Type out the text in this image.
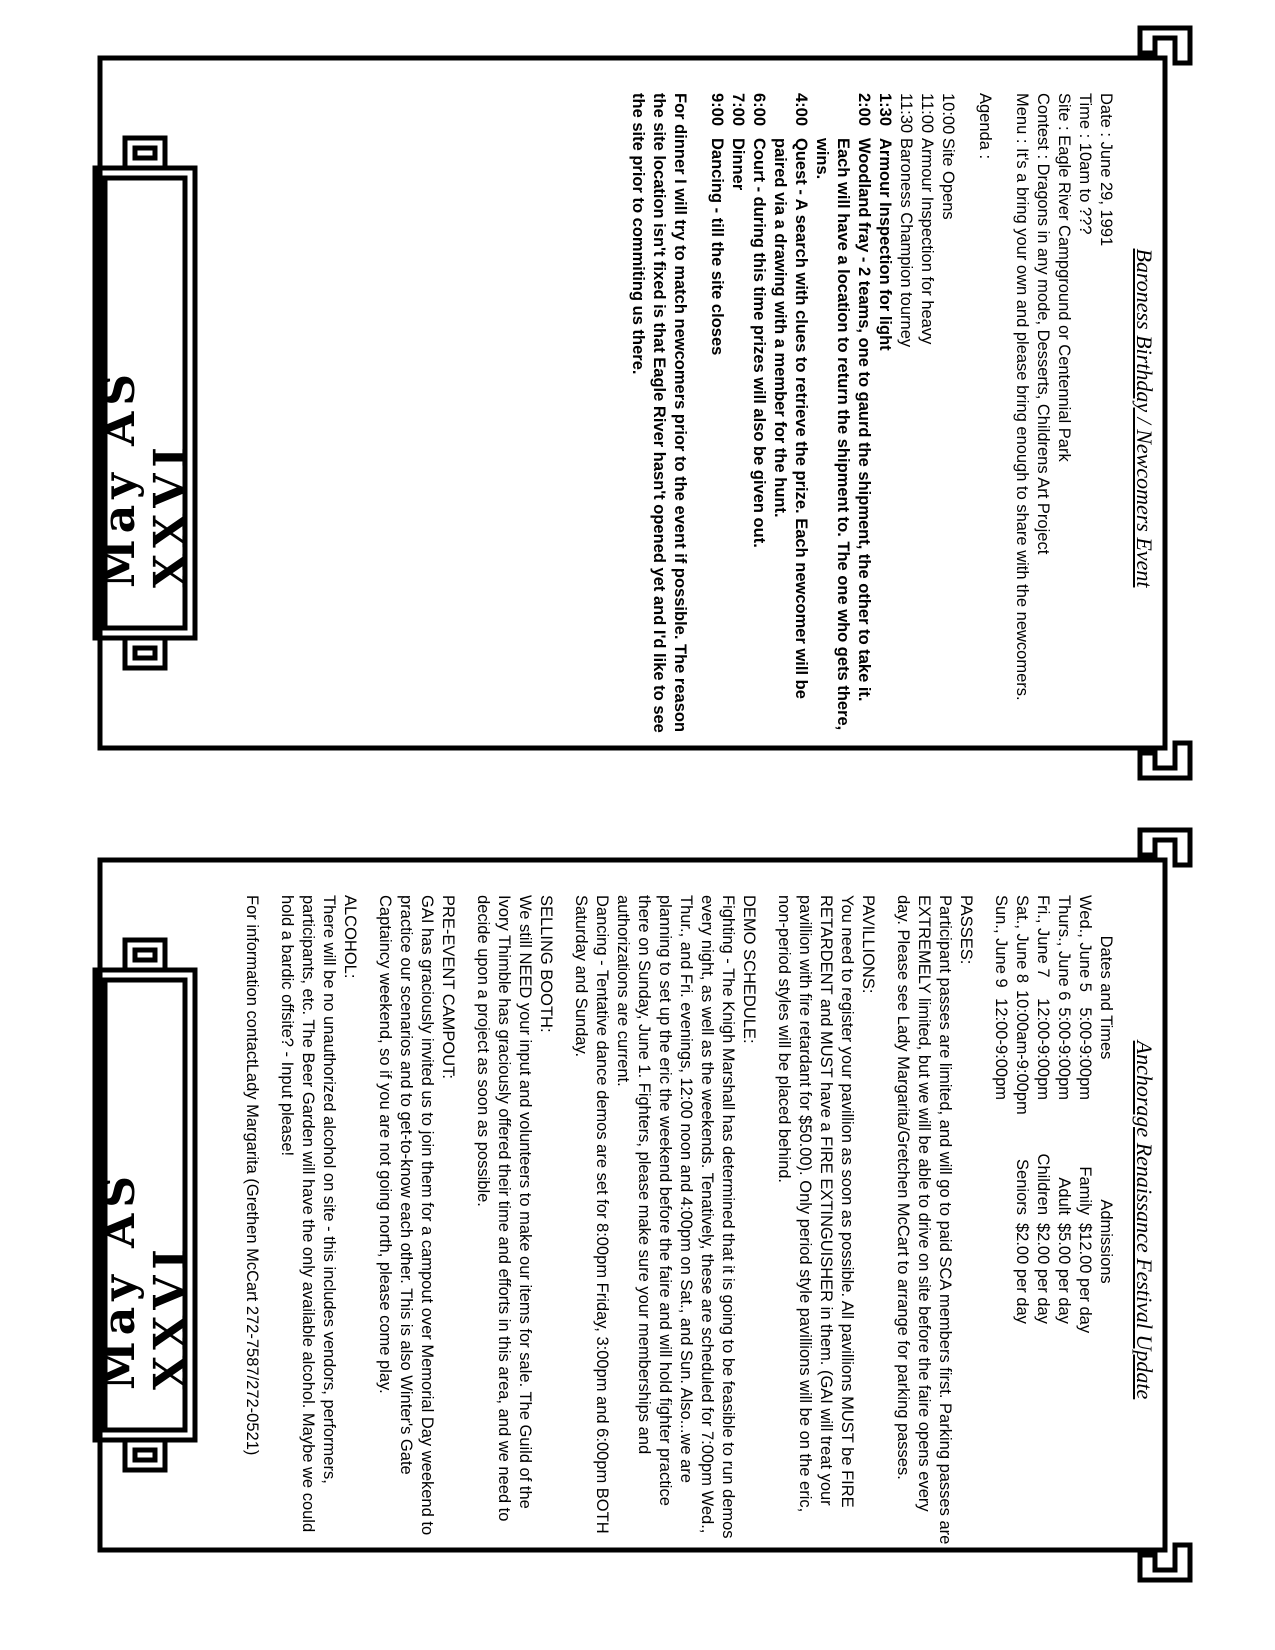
Baroness Birthday / Newcomers Event
Date : June 29, 1991
Time : 10am to ???
Site : Eagle River Campground or Centennial Park
Contest : Dragons in any mode, Desserts, Childrens Art Project
Menu : It's a bring your own and please bring enough to share with the newcomers.
Agenda :
10:00
Site Opens
11:00
Armour Inspection for heavy
11:30
Baroness Champion tourney
1:30
Armour Inspection for light
2:00
Woodland fray - 2 teams, one to gaurd the shipment, the other to take it. Each will have a location to return the shipment to. The one who gets there, wins.
4:00
Quest - A search with clues to retrieve the prize. Each newcomer will be paired via a drawing with a member for the hunt.
6:00
Court - during this time prizes will also be given out.
7:00
Dinner
9:00
Dancing - till the site closes
For dinner I will try to match newcomers prior to the event if possible. The reason the site location isn't fixed is that Eagle River hasn't opened yet and I'd like to see the site prior to commiting us there.
May AS XXVI
Anchorage Renaissance Festival Update
Dates and Times
Wed., June 5
5:00-9:00pm
Thurs., June 6
5:00-9:00pm
Fri., June 7
12:00-9:00pm
Sat., June 8
10:00am-9:00pm
Sun., June 9
12:00-9:00pm
Admissions
Family
$12.00 per day
Adult
$5.00 per day
Children
$2.00 per day
Seniors
$2.00 per day
PASSES:
Participant passes are limited, and will go to paid SCA members first. Parking passes are EXTREMELY limited, but we will be able to drive on site before the faire opens every day. Please see Lady Margarita/Gretchen McCart to arrange for parking passes.
PAVILLIONS:
You need to register your pavillion as soon as possible. All pavillions MUST be FIRE RETARDENT and MUST have a FIRE EXTINGUISHER in them. (GAI will treat your pavillion with fire retardant for $50.00). Only period style pavillions will be on the eric, non-period styles will be placed behind.
DEMO SCHEDULE:
Fighting - The Knigh Marshall has determined that it is going to be feasible to run demos every night, as well as the weekends. Tenatively, these are scheduled for 7:00pm Wed., Thur., and Fri. evenings, 12:00 noon and 4:00pm on Sat., and Sun. Also...we are planning to set up the eric the weekend before the faire and will hold fighter practice there on Sunday, June 1. Fighters, please make sure your memberships and authorizations are current.
Dancing - Tentative dance demos are set for 8:00pm Friday, 3:00pm and 6:00pm BOTH Saturday and Sunday.
SELLING BOOTH:
We still NEED your input and volunteers to make our items for sale. The Guild of the Ivory Thimble has graciously offered their time and efforts in this area, and we need to decide upon a project as soon as possible.
PRE-EVENT CAMPOUT:
GAI has graciously invited us to join them for a campout over Memorial Day weekend to practice our scenarios and to get-to-know each other. This is also Winter's Gate Captaincy weekend, so if you are not going north, please come play.
ALCOHOL:
There will be no unauthorized alcohol on site - this includes vendors, performers, participants, etc. The Beer Garden will have the only available alcohol. Maybe we could hold a bardic offsite? - Input please!
For information contactLady Margarita (Grethen McCart 272-7587/272-0521)
May AS XXVI
